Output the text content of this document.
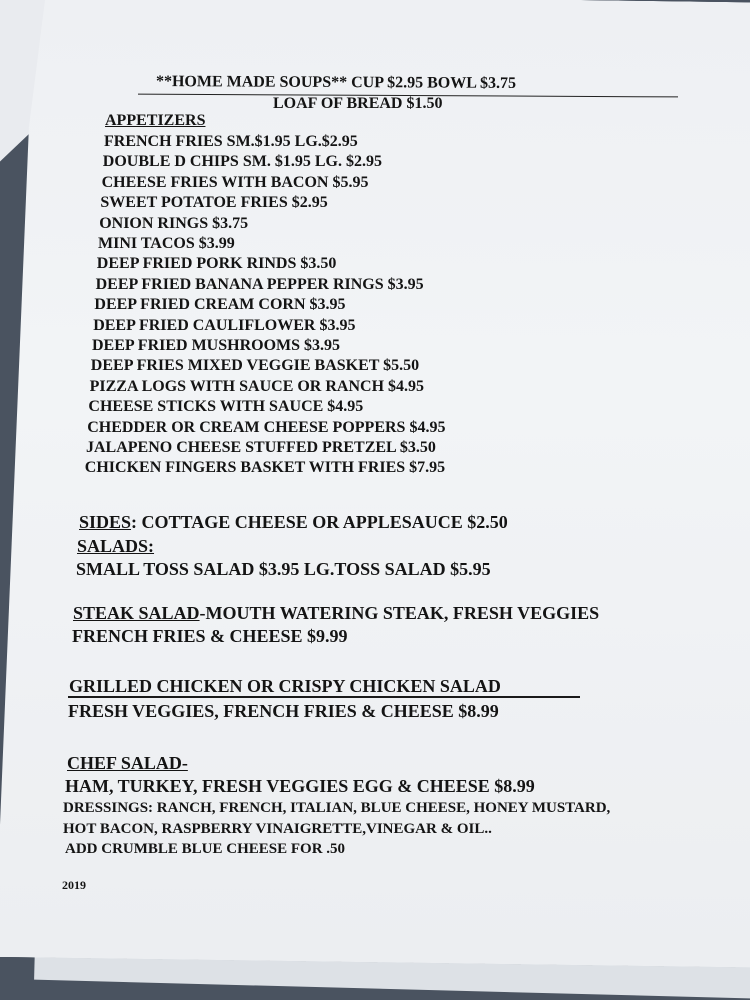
**HOME MADE SOUPS** CUP $2.95 BOWL $3.75
LOAF OF BREAD $1.50
APPETIZERS
FRENCH FRIES SM.$1.95 LG.$2.95
DOUBLE D CHIPS SM. $1.95 LG. $2.95
CHEESE FRIES WITH BACON $5.95
SWEET POTATOE FRIES $2.95
ONION RINGS $3.75
MINI TACOS $3.99
DEEP FRIED PORK RINDS $3.50
DEEP FRIED BANANA PEPPER RINGS $3.95
DEEP FRIED CREAM CORN $3.95
DEEP FRIED CAULIFLOWER $3.95
DEEP FRIED MUSHROOMS $3.95
DEEP FRIES MIXED VEGGIE BASKET $5.50
PIZZA LOGS WITH SAUCE OR RANCH $4.95
CHEESE STICKS WITH SAUCE $4.95
CHEDDER OR CREAM CHEESE POPPERS $4.95
JALAPENO CHEESE STUFFED PRETZEL $3.50
CHICKEN FINGERS BASKET WITH FRIES $7.95
SIDES: COTTAGE CHEESE OR APPLESAUCE $2.50
SALADS:
SMALL TOSS SALAD $3.95 LG.TOSS SALAD $5.95
STEAK SALAD-MOUTH WATERING STEAK, FRESH VEGGIES
FRENCH FRIES & CHEESE $9.99
GRILLED CHICKEN OR CRISPY CHICKEN SALAD
FRESH VEGGIES, FRENCH FRIES & CHEESE $8.99
CHEF SALAD-
HAM, TURKEY, FRESH VEGGIES EGG & CHEESE $8.99
DRESSINGS: RANCH, FRENCH, ITALIAN, BLUE CHEESE, HONEY MUSTARD,
HOT BACON, RASPBERRY VINAIGRETTE,VINEGAR & OIL..
ADD CRUMBLE BLUE CHEESE FOR .50
2019
